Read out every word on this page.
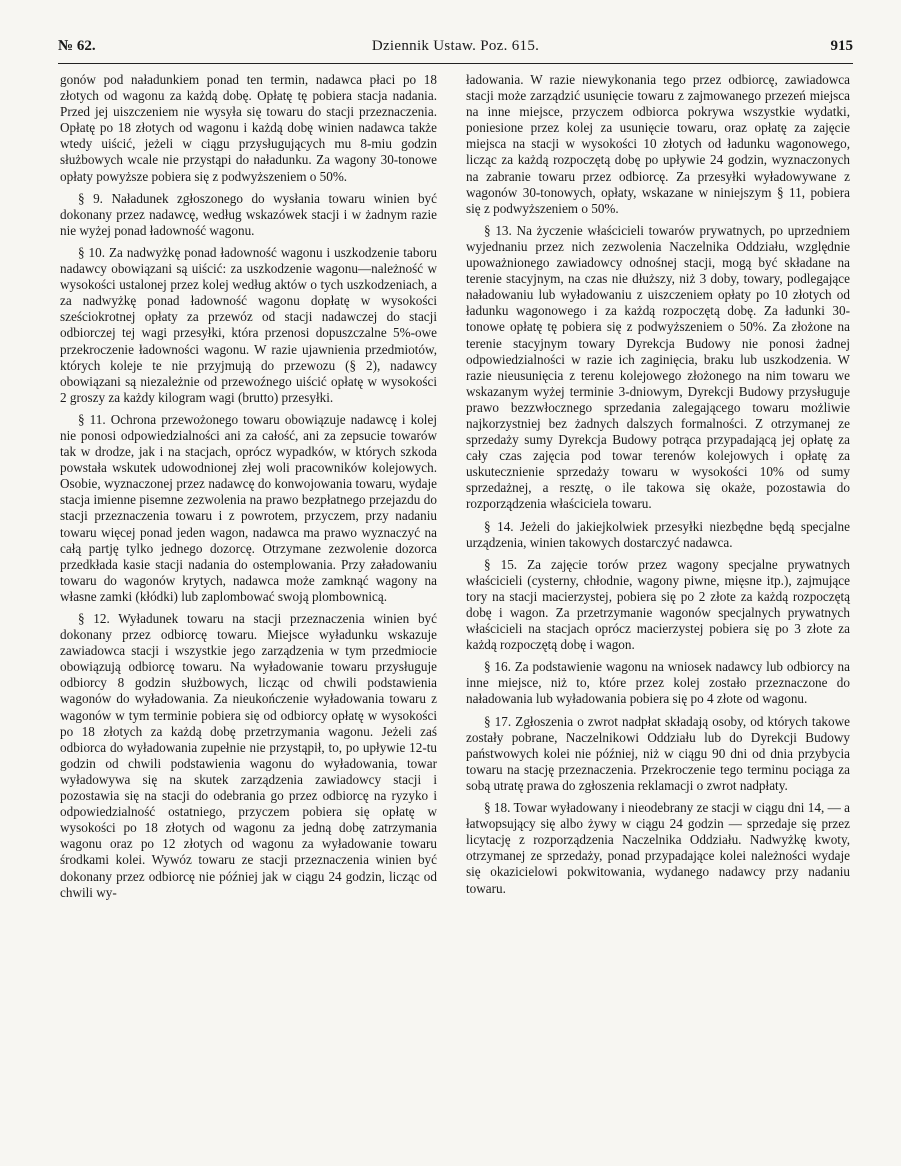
№ 62.	Dziennik Ustaw. Poz. 615.	915

gonów pod naładunkiem ponad ten termin, nadawca płaci po 18 złotych od wagonu za każdą dobę. Opłatę tę pobiera stacja nadania. Przed jej uiszczeniem nie wysyła się towaru do stacji przeznaczenia. Opłatę po 18 złotych od wagonu i każdą dobę winien nadawca także wtedy uiścić, jeżeli w ciągu przysługujących mu 8-miu godzin służbowych wcale nie przystąpi do naładunku. Za wagony 30-tonowe opłaty powyższe pobiera się z podwyższeniem o 50%.

§ 9. Naładunek zgłoszonego do wysłania towaru winien być dokonany przez nadawcę, według wskazówek stacji i w żadnym razie nie wyżej ponad ładowność wagonu.

§ 10. Za nadwyżkę ponad ładowność wagonu i uszkodzenie taboru nadawcy obowiązani są uiścić: za uszkodzenie wagonu—należność w wysokości ustalonej przez kolej według aktów o tych uszkodzeniach, a za nadwyżkę ponad ładowność wagonu dopłatę w wysokości sześciokrotnej opłaty za przewóz od stacji nadawczej do stacji odbiorczej tej wagi przesyłki, która przenosi dopuszczalne 5%-owe przekroczenie ładowności wagonu. W razie ujawnienia przedmiotów, których koleje te nie przyjmują do przewozu (§ 2), nadawcy obowiązani są niezależnie od przewoźnego uiścić opłatę w wysokości 2 groszy za każdy kilogram wagi (brutto) przesyłki.

§ 11. Ochrona przewożonego towaru obowiązuje nadawcę i kolej nie ponosi odpowiedzialności ani za całość, ani za zepsucie towarów tak w drodze, jak i na stacjach, oprócz wypadków, w których szkoda powstała wskutek udowodnionej złej woli pracowników kolejowych. Osobie, wyznaczonej przez nadawcę do konwojowania towaru, wydaje stacja imienne pisemne zezwolenia na prawo bezpłatnego przejazdu do stacji przeznaczenia towaru i z powrotem, przyczem, przy nadaniu towaru więcej ponad jeden wagon, nadawca ma prawo wyznaczyć na całą partję tylko jednego dozorcę. Otrzymane zezwolenie dozorca przedkłada kasie stacji nadania do ostemplowania. Przy załadowaniu towaru do wagonów krytych, nadawca może zamknąć wagony na własne zamki (kłódki) lub zaplombować swoją plombownicą.

§ 12. Wyładunek towaru na stacji przeznaczenia winien być dokonany przez odbiorcę towaru. Miejsce wyładunku wskazuje zawiadowca stacji i wszystkie jego zarządzenia w tym przedmiocie obowiązują odbiorcę towaru. Na wyładowanie towaru przysługuje odbiorcy 8 godzin służbowych, licząc od chwili podstawienia wagonów do wyładowania. Za nieukończenie wyładowania towaru z wagonów w tym terminie pobiera się od odbiorcy opłatę w wysokości po 18 złotych za każdą dobę przetrzymania wagonu. Jeżeli zaś odbiorca do wyładowania zupełnie nie przystąpił, to, po upływie 12-tu godzin od chwili podstawienia wagonu do wyładowania, towar wyładowywa się na skutek zarządzenia zawiadowcy stacji i pozostawia się na stacji do odebrania go przez odbiorcę na ryzyko i odpowiedzialność ostatniego, przyczem pobiera się opłatę w wysokości po 18 złotych od wagonu za jedną dobę zatrzymania wagonu oraz po 12 złotych od wagonu za wyładowanie towaru środkami kolei. Wywóz towaru ze stacji przeznaczenia winien być dokonany przez odbiorcę nie później jak w ciągu 24 godzin, licząc od chwili wy-

ładowania. W razie niewykonania tego przez odbiorcę, zawiadowca stacji może zarządzić usunięcie towaru z zajmowanego przezeń miejsca na inne miejsce, przyczem odbiorca pokrywa wszystkie wydatki, poniesione przez kolej za usunięcie towaru, oraz opłatę za zajęcie miejsca na stacji w wysokości 10 złotych od ładunku wagonowego, licząc za każdą rozpoczętą dobę po upływie 24 godzin, wyznaczonych na zabranie towaru przez odbiorcę. Za przesyłki wyładowywane z wagonów 30-tonowych, opłaty, wskazane w niniejszym § 11, pobiera się z podwyższeniem o 50%.

§ 13. Na życzenie właścicieli towarów prywatnych, po uprzedniem wyjednaniu przez nich zezwolenia Naczelnika Oddziału, względnie upoważnionego zawiadowcy odnośnej stacji, mogą być składane na terenie stacyjnym, na czas nie dłuższy, niż 3 doby, towary, podlegające naładowaniu lub wyładowaniu z uiszczeniem opłaty po 10 złotych od ładunku wagonowego i za każdą rozpoczętą dobę. Za ładunki 30-tonowe opłatę tę pobiera się z podwyższeniem o 50%. Za złożone na terenie stacyjnym towary Dyrekcja Budowy nie ponosi żadnej odpowiedzialności w razie ich zaginięcia, braku lub uszkodzenia. W razie nieusunięcia z terenu kolejowego złożonego na nim towaru we wskazanym wyżej terminie 3-dniowym, Dyrekcji Budowy przysługuje prawo bezzwłocznego sprzedania zalegającego towaru możliwie najkorzystniej bez żadnych dalszych formalności. Z otrzymanej ze sprzedaży sumy Dyrekcja Budowy potrąca przypadającą jej opłatę za cały czas zajęcia pod towar terenów kolejowych i opłatę za uskutecznienie sprzedaży towaru w wysokości 10% od sumy sprzedażnej, a resztę, o ile takowa się okaże, pozostawia do rozporządzenia właściciela towaru.

§ 14. Jeżeli do jakiejkolwiek przesyłki niezbędne będą specjalne urządzenia, winien takowych dostarczyć nadawca.

§ 15. Za zajęcie torów przez wagony specjalne prywatnych właścicieli (cysterny, chłodnie, wagony piwne, mięsne itp.), zajmujące tory na stacji macierzystej, pobiera się po 2 złote za każdą rozpoczętą dobę i wagon. Za przetrzymanie wagonów specjalnych prywatnych właścicieli na stacjach oprócz macierzystej pobiera się po 3 złote za każdą rozpoczętą dobę i wagon.

§ 16. Za podstawienie wagonu na wniosek nadawcy lub odbiorcy na inne miejsce, niż to, które przez kolej zostało przeznaczone do naładowania lub wyładowania pobiera się po 4 złote od wagonu.

§ 17. Zgłoszenia o zwrot nadpłat składają osoby, od których takowe zostały pobrane, Naczelnikowi Oddziału lub do Dyrekcji Budowy państwowych kolei nie później, niż w ciągu 90 dni od dnia przybycia towaru na stację przeznaczenia. Przekroczenie tego terminu pociąga za sobą utratę prawa do zgłoszenia reklamacji o zwrot nadpłaty.

§ 18. Towar wyładowany i nieodebrany ze stacji w ciągu dni 14, — a łatwopsujący się albo żywy w ciągu 24 godzin — sprzedaje się przez licytację z rozporządzenia Naczelnika Oddziału. Nadwyżkę kwoty, otrzymanej ze sprzedaży, ponad przypadające kolei należności wydaje się okazicielowi pokwitowania, wydanego nadawcy przy nadaniu towaru.
